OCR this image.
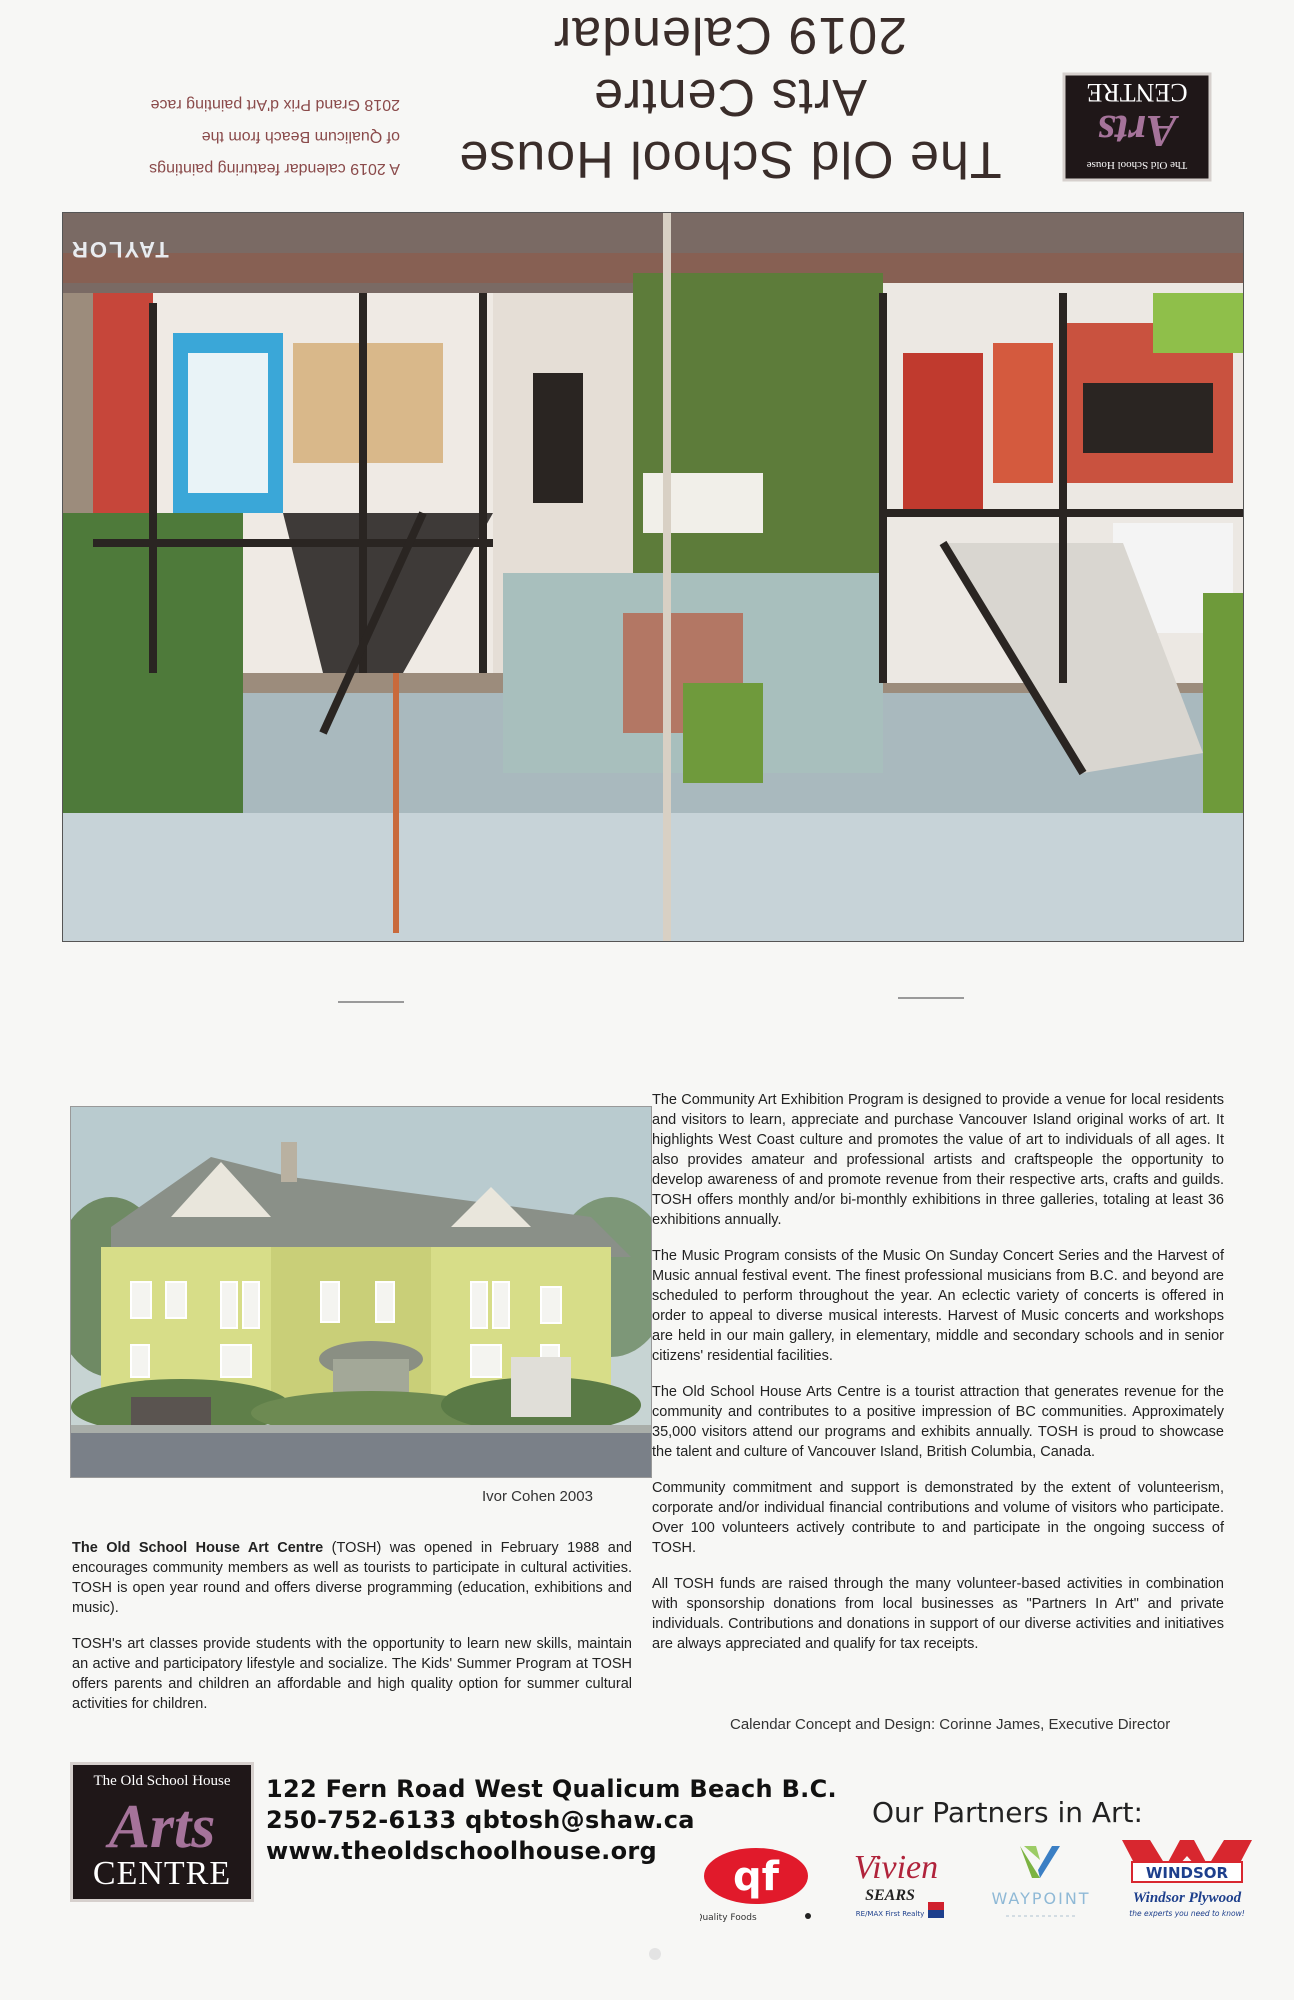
The Old School House Arts Centre
2019 Calendar
A 2019 calendar featuring paintings
of Qualicum Beach from the
2018 Grand Prix d'Art painting race
The Old School House
Arts
CENTRE
TAYLOR
Ivor Cohen 2003

The Old School House Art Centre (TOSH) was opened in February 1988 and encourages community members as well as tourists to participate in cultural activities. TOSH is open year round and offers diverse programming (education, exhibitions and music).

TOSH's art classes provide students with the opportunity to learn new skills, maintain an active and participatory lifestyle and socialize. The Kids' Summer Program at TOSH offers parents and children an affordable and high quality option for summer cultural activities for children.

The Community Art Exhibition Program is designed to provide a venue for local residents and visitors to learn, appreciate and purchase Vancouver Island original works of art. It highlights West Coast culture and promotes the value of art to individuals of all ages. It also provides amateur and professional artists and craftspeople the opportunity to develop awareness of and promote revenue from their respective arts, crafts and guilds. TOSH offers monthly and/or bi-monthly exhibitions in three galleries, totaling at least 36 exhibitions annually.

The Music Program consists of the Music On Sunday Concert Series and the Harvest of Music annual festival event. The finest professional musicians from B.C. and beyond are scheduled to perform throughout the year. An eclectic variety of concerts is offered in order to appeal to diverse musical interests. Harvest of Music concerts and workshops are held in our main gallery, in elementary, middle and secondary schools and in senior citizens' residential facilities.

The Old School House Arts Centre is a tourist attraction that generates revenue for the community and contributes to a positive impression of BC communities. Approximately 35,000 visitors attend our programs and exhibits annually. TOSH is proud to showcase the talent and culture of Vancouver Island, British Columbia, Canada.

Community commitment and support is demonstrated by the extent of volunteerism, corporate and/or individual financial contributions and volume of visitors who participate. Over 100 volunteers actively contribute to and participate in the ongoing success of TOSH.

All TOSH funds are raised through the many volunteer-based activities in combination with sponsorship donations from local businesses as "Partners In Art" and private individuals. Contributions and donations in support of our diverse activities and initiatives are always appreciated and qualify for tax receipts.

Calendar Concept and Design: Corinne James, Executive Director
The Old School House
Arts
CENTRE
122 Fern Road West Qualicum Beach B.C.
250-752-6133 qbtosh@shaw.ca
www.theoldschoolhouse.org
Our Partners in Art:
qf
Quality Foods
Vivien
SEARS
RE/MAX First Realty
WAYPOINT
WINDSOR
Windsor Plywood
the experts you need to know!
